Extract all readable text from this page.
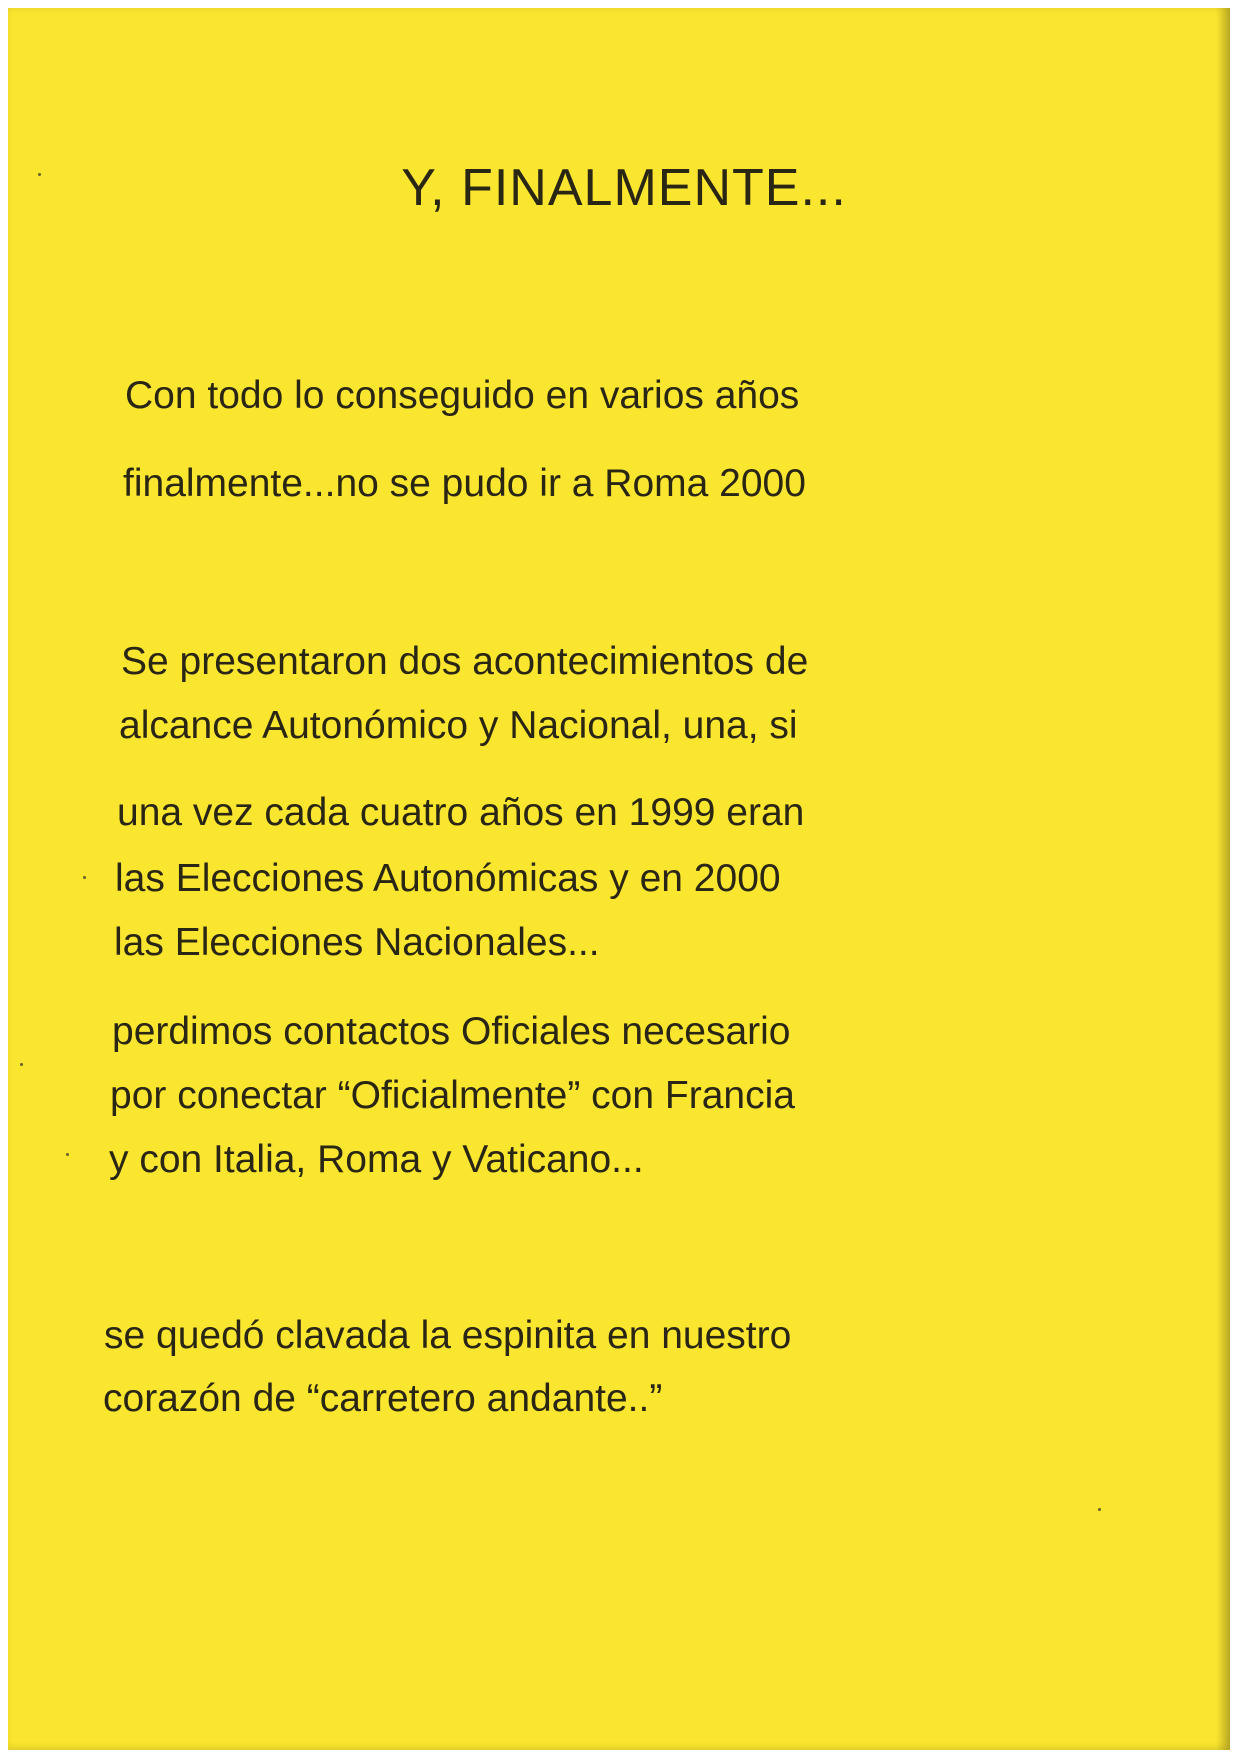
Y, FINALMENTE...
Con todo lo conseguido en varios años
finalmente...no se pudo ir a Roma 2000
Se presentaron dos acontecimientos de
alcance Autonómico y Nacional, una, si
una vez cada cuatro años en 1999 eran
las Elecciones Autonómicas y en 2000
las Elecciones Nacionales...
perdimos contactos Oficiales necesario
por conectar “Oficialmente” con Francia
y con Italia, Roma y Vaticano...
se quedó clavada la espinita en nuestro
corazón de “carretero andante..”
